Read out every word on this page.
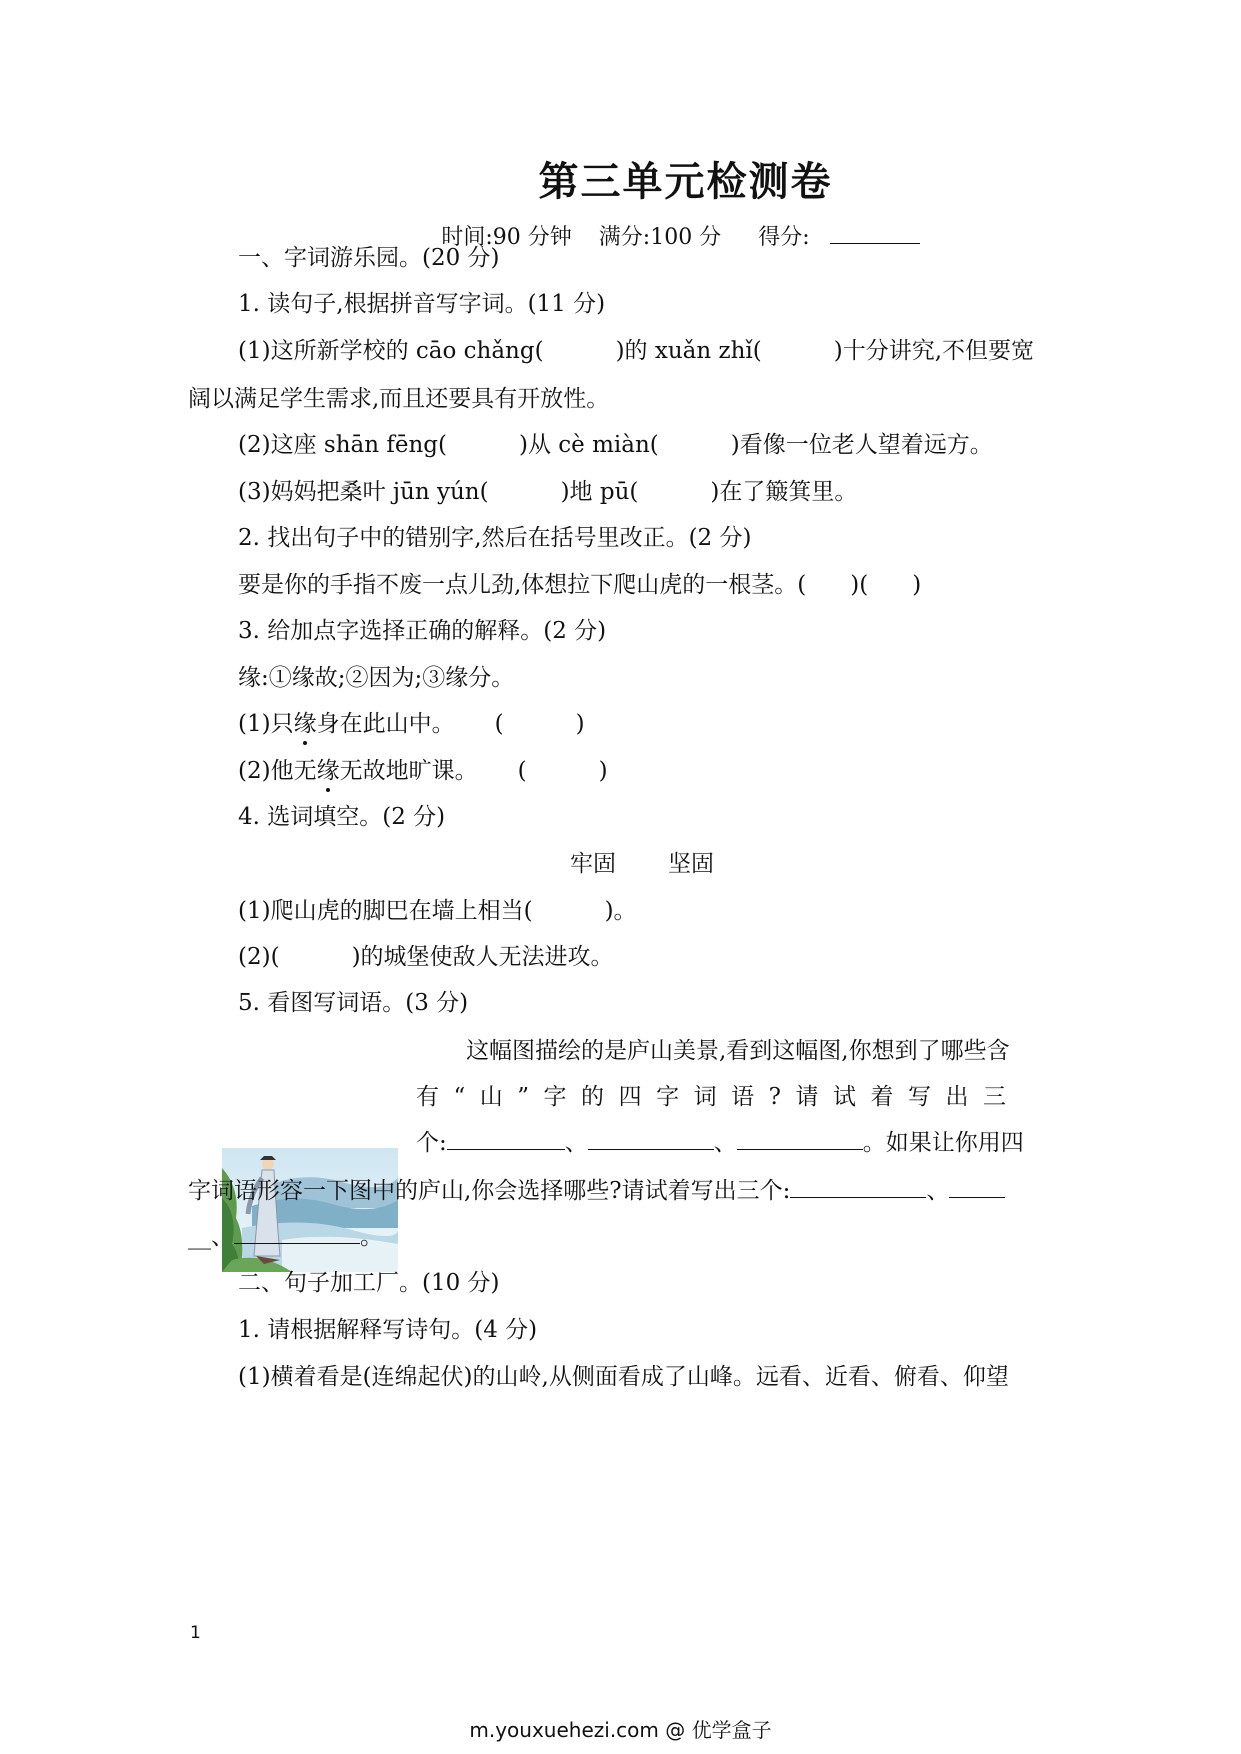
第三单元检测卷
时间:90 分钟 满分:100 分 得分:
一、字词游乐园。(20 分)
1. 读句子,根据拼音写字词。(11 分)
(1)这所新学校的 cāo chǎng(	)的 xuǎn zhǐ(	)十分讲究,不但要宽
阔以满足学生需求,而且还要具有开放性。
(2)这座 shān fēng(	)从 cè miàn(	)看像一位老人望着远方。
(3)妈妈把桑叶 jūn yún(	)地 pū(	)在了簸箕里。
2. 找出句子中的错别字,然后在括号里改正。(2 分)
要是你的手指不废一点儿劲,体想拉下爬山虎的一根茎。( )( )
3. 给加点字选择正确的解释。(2 分)
缘:①缘故;②因为;③缘分。
(1)只缘身在此山中。 (	)
(2)他无缘无故地旷课。 (	)
4. 选词填空。(2 分)
牢固 坚固
(1)爬山虎的脚巴在墙上相当(	)。
(2)(	)的城堡使敌人无法进攻。
5. 看图写词语。(3 分)
这幅图描绘的是庐山美景,看到这幅图,你想到了哪些含
有“山”字的四字词语?请试着写出三
个:	、	、	。如果让你用四
字词语形容一下图中的庐山,你会选择哪些?请试着写出三个:	、
__、	。
二、句子加工厂。(10 分)
1. 请根据解释写诗句。(4 分)
(1)横着看是(连绵起伏)的山岭,从侧面看成了山峰。远看、近看、俯看、仰望
1
m.youxuehezi.com @ 优学盒子
